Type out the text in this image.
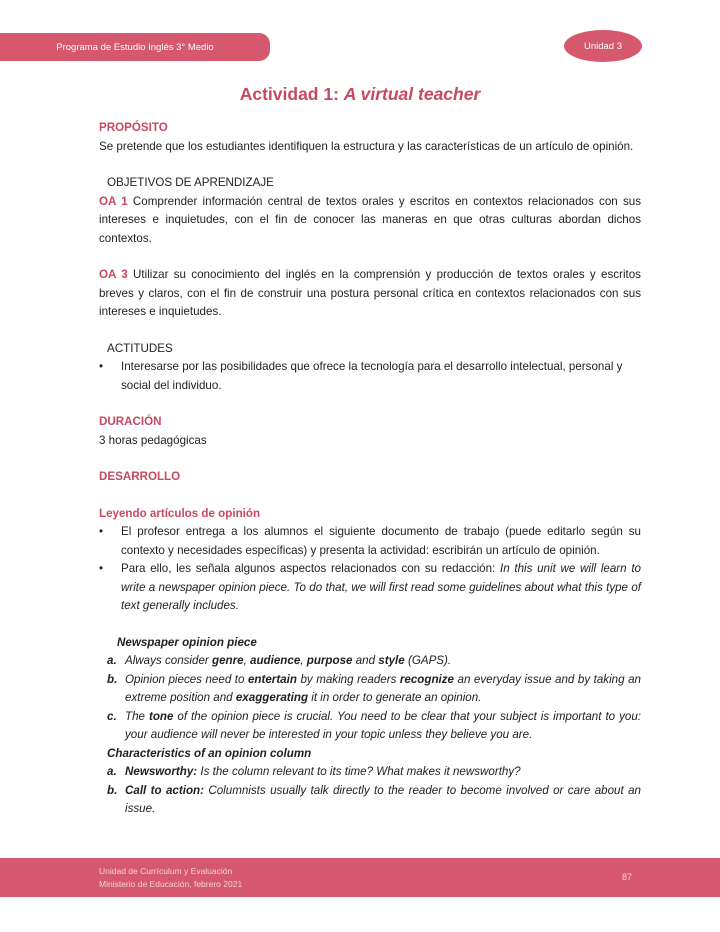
Programa de Estudio Inglés 3° Medio	Unidad 3
Actividad 1: A virtual teacher
PROPÓSITO
Se pretende que los estudiantes identifiquen la estructura y las características de un artículo de opinión.
OBJETIVOS DE APRENDIZAJE
OA 1 Comprender información central de textos orales y escritos en contextos relacionados con sus intereses e inquietudes, con el fin de conocer las maneras en que otras culturas abordan dichos contextos.
OA 3 Utilizar su conocimiento del inglés en la comprensión y producción de textos orales y escritos breves y claros, con el fin de construir una postura personal crítica en contextos relacionados con sus intereses e inquietudes.
ACTITUDES
•	Interesarse por las posibilidades que ofrece la tecnología para el desarrollo intelectual, personal y social del individuo.
DURACIÓN
3 horas pedagógicas
DESARROLLO
Leyendo artículos de opinión
•	El profesor entrega a los alumnos el siguiente documento de trabajo (puede editarlo según su contexto y necesidades específicas) y presenta la actividad: escribirán un artículo de opinión.
•	Para ello, les señala algunos aspectos relacionados con su redacción: In this unit we will learn to write a newspaper opinion piece. To do that, we will first read some guidelines about what this type of text generally includes.
Newspaper opinion piece
a. Always consider genre, audience, purpose and style (GAPS).
b. Opinion pieces need to entertain by making readers recognize an everyday issue and by taking an extreme position and exaggerating it in order to generate an opinion.
c. The tone of the opinion piece is crucial. You need to be clear that your subject is important to you: your audience will never be interested in your topic unless they believe you are.
Characteristics of an opinion column
a. Newsworthy: Is the column relevant to its time? What makes it newsworthy?
b. Call to action: Columnists usually talk directly to the reader to become involved or care about an issue.
Unidad de Currículum y Evaluación
Ministerio de Educación, febrero 2021
87
